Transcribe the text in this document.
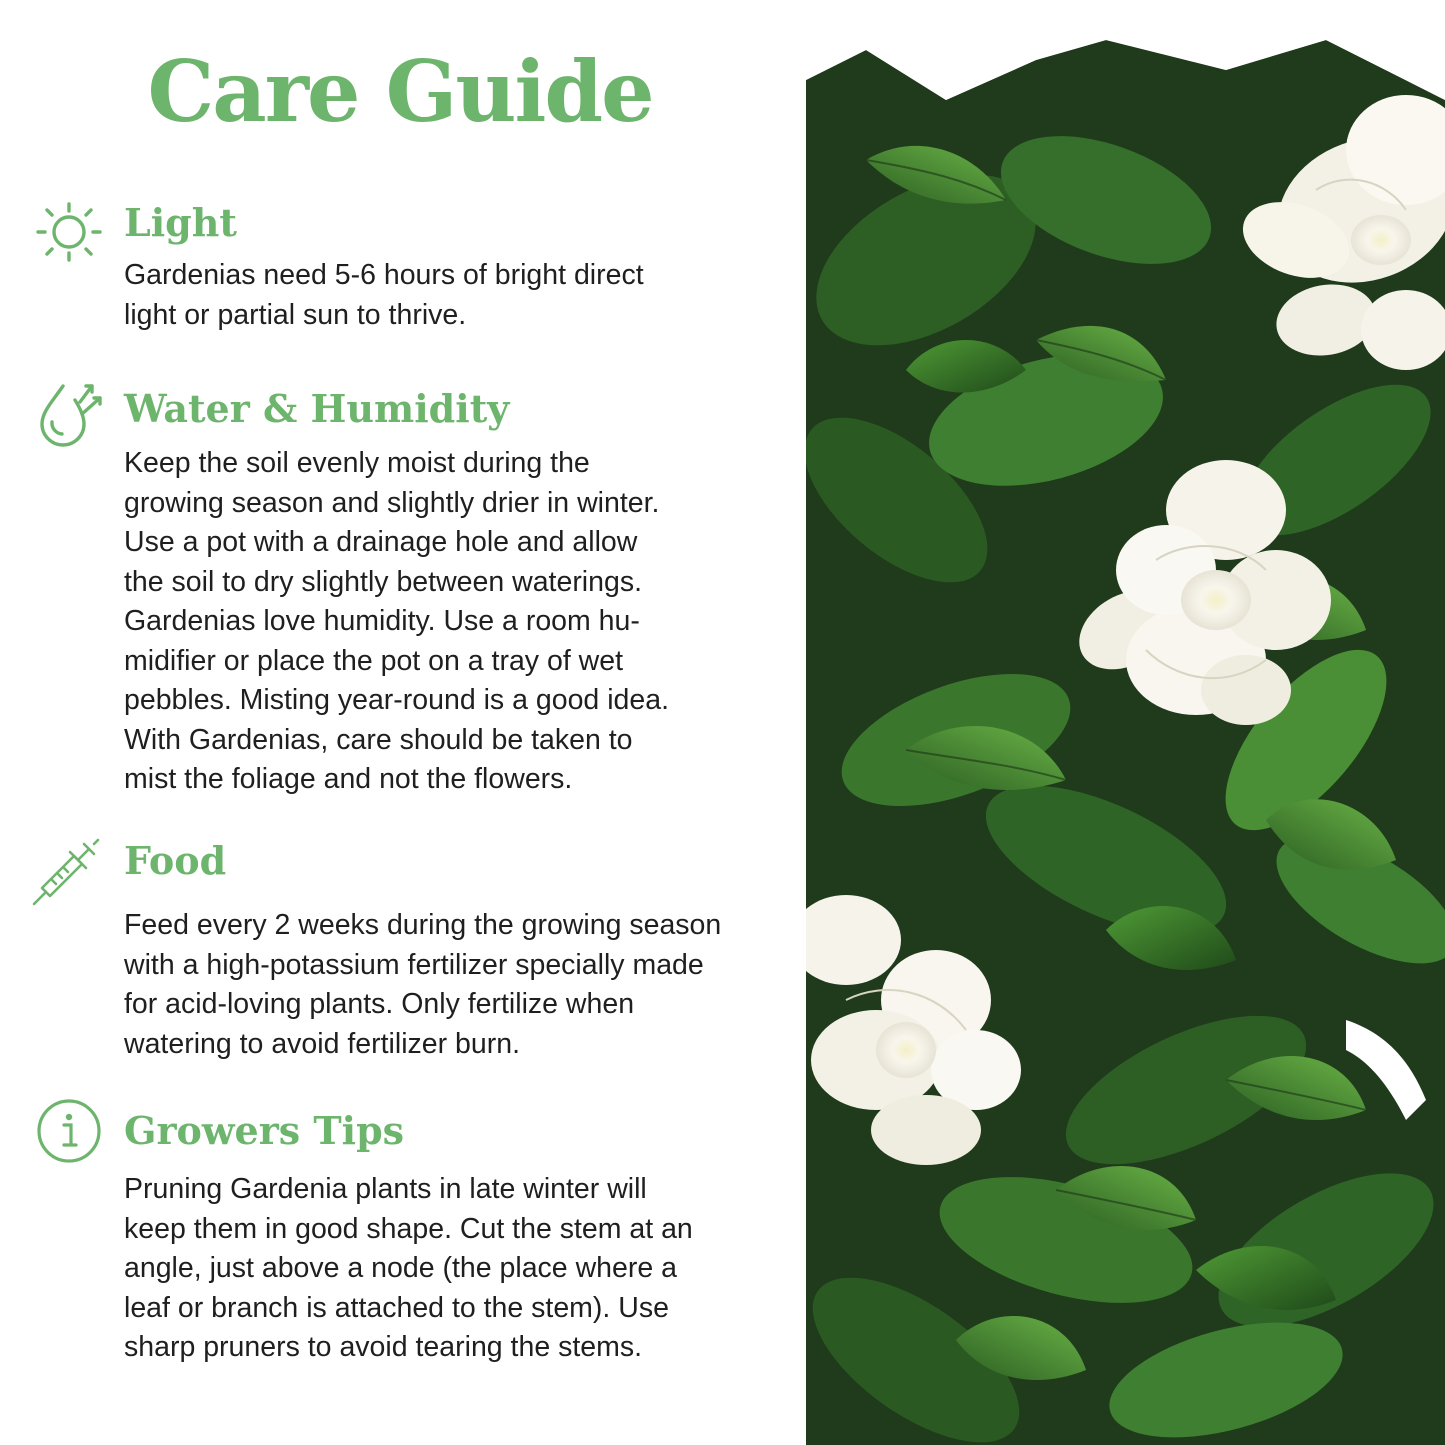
Care Guide
Light
Gardenias need 5-6 hours of bright direct
light or partial sun to thrive.
Water & Humidity
Keep the soil evenly moist during the
growing season and slightly drier in winter.
Use a pot with a drainage hole and allow
the soil to dry slightly between waterings.
Gardenias love humidity. Use a room hu-
midifier or place the pot on a tray of wet
pebbles. Misting year-round is a good idea.
With Gardenias, care should be taken to
mist the foliage and not the flowers.
Food
Feed every 2 weeks during the growing season
with a high-potassium fertilizer specially made
for acid-loving plants. Only fertilize when
watering to avoid fertilizer burn.
Growers Tips
Pruning Gardenia plants in late winter will
keep them in good shape. Cut the stem at an
angle, just above a node (the place where a
leaf or branch is attached to the stem). Use
sharp pruners to avoid tearing the stems.
